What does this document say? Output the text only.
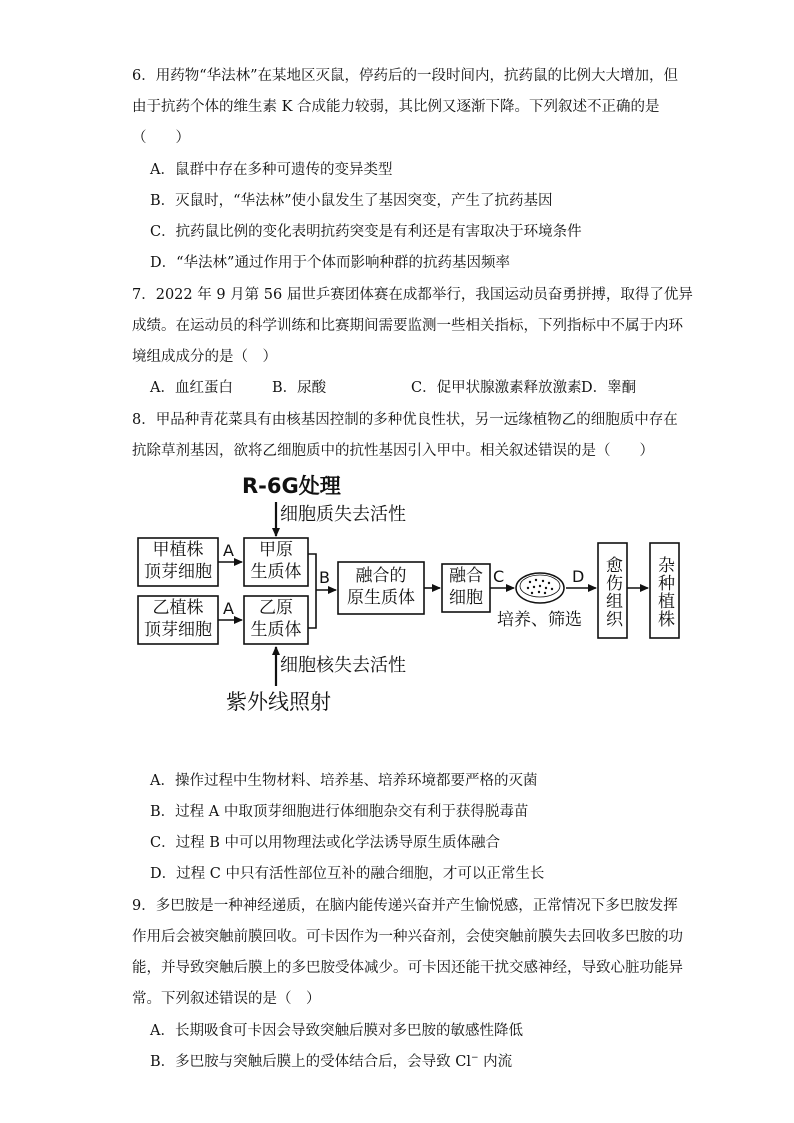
6．用药物“华法林”在某地区灭鼠，停药后的一段时间内，抗药鼠的比例大大增加，但
由于抗药个体的维生素 K 合成能力较弱，其比例又逐渐下降。下列叙述不正确的是
（　　）
A．鼠群中存在多种可遗传的变异类型
B．灭鼠时，“华法林”使小鼠发生了基因突变，产生了抗药基因
C．抗药鼠比例的变化表明抗药突变是有利还是有害取决于环境条件
D．“华法林”通过作用于个体而影响种群的抗药基因频率
7．2022 年 9 月第 56 届世乒赛团体赛在成都举行，我国运动员奋勇拼搏，取得了优异
成绩。在运动员的科学训练和比赛期间需要监测一些相关指标，下列指标中不属于内环
境组成成分的是（　）
A．血红蛋白	B．尿酸	C．促甲状腺激素释放激素 D．睾酮
8．甲品种青花菜具有由核基因控制的多种优良性状，另一远缘植物乙的细胞质中存在
抗除草剂基因，欲将乙细胞质中的抗性基因引入甲中。相关叙述错误的是（　　）
R-6G处理
细胞质失去活性
甲植株
顶芽细胞
乙植株
顶芽细胞
A
A
甲原
生质体
乙原
生质体
B	融合的
原生质体
融合
细胞
C	D
培养、筛选 愈伤组织 杂种植株
细胞核失去活性
紫外线照射
A．操作过程中生物材料、培养基、培养环境都要严格的灭菌
B．过程 A 中取顶芽细胞进行体细胞杂交有利于获得脱毒苗
C．过程 B 中可以用物理法或化学法诱导原生质体融合
D．过程 C 中只有活性部位互补的融合细胞，才可以正常生长
9．多巴胺是一种神经递质，在脑内能传递兴奋并产生愉悦感，正常情况下多巴胺发挥
作用后会被突触前膜回收。可卡因作为一种兴奋剂，会使突触前膜失去回收多巴胺的功
能，并导致突触后膜上的多巴胺受体减少。可卡因还能干扰交感神经，导致心脏功能异
常。下列叙述错误的是（　）
A．长期吸食可卡因会导致突触后膜对多巴胺的敏感性降低
B．多巴胺与突触后膜上的受体结合后，会导致 Cl− 内流
